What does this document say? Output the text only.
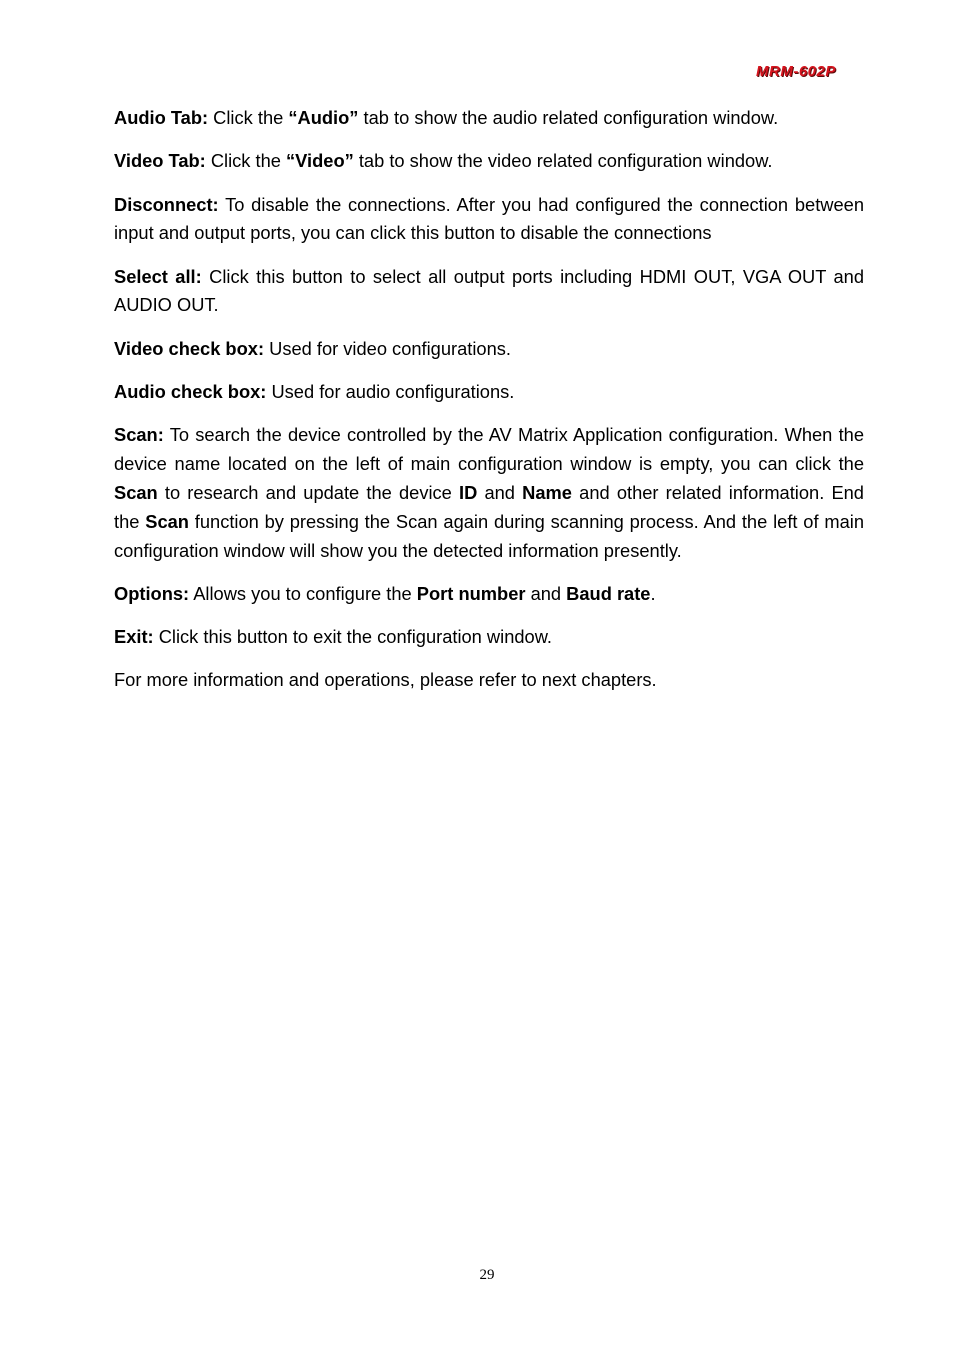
MRM-602P

Audio Tab: Click the “Audio” tab to show the audio related configuration window.

Video Tab: Click the “Video” tab to show the video related configuration window.

Disconnect: To disable the connections. After you had configured the connection between input and output ports, you can click this button to disable the connections

Select all: Click this button to select all output ports including HDMI OUT, VGA OUT and AUDIO OUT.

Video check box: Used for video configurations.

Audio check box: Used for audio configurations.

Scan: To search the device controlled by the AV Matrix Application configuration. When the device name located on the left of main configuration window is empty, you can click the Scan to research and update the device ID and Name and other related information. End the Scan function by pressing the Scan again during scanning process. And the left of main configuration window will show you the detected information presently.

Options: Allows you to configure the Port number and Baud rate.

Exit: Click this button to exit the configuration window.

For more information and operations, please refer to next chapters.

29
